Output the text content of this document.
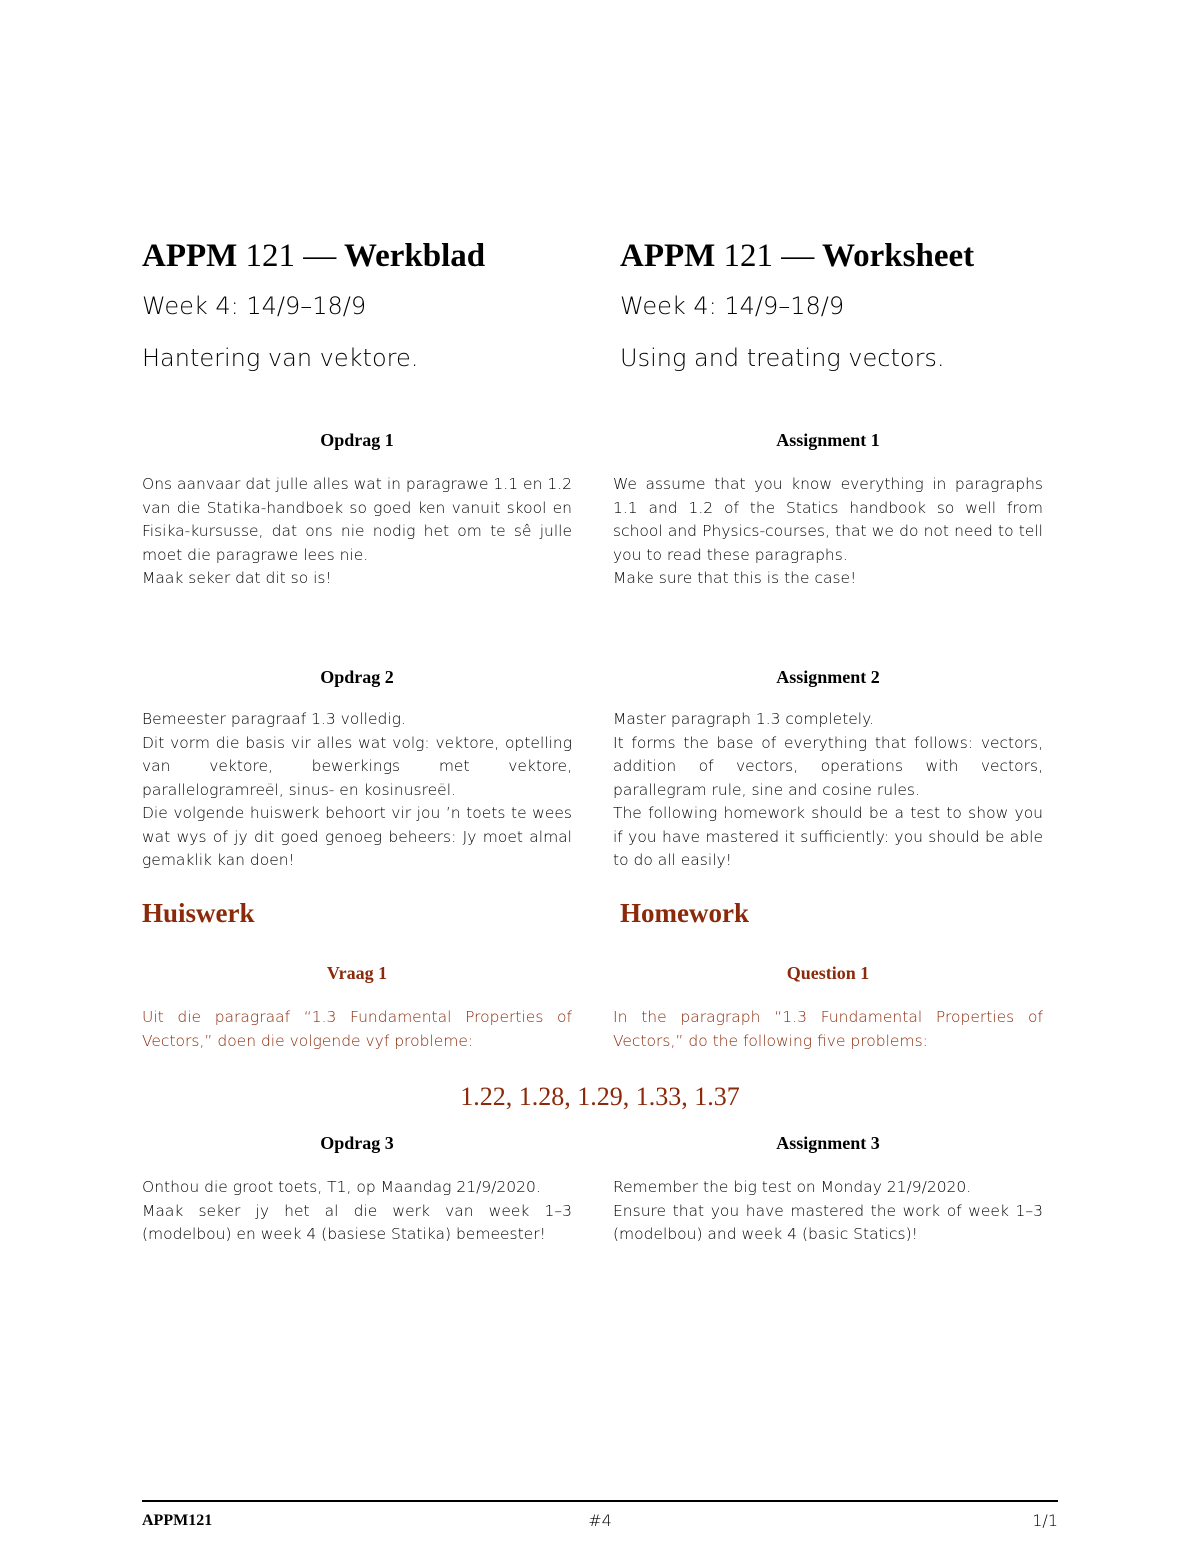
APPM 121 — Werkblad
Week 4: 14/9–18/9
Hantering van vektore.
Opdrag 1
Ons aanvaar dat julle alles wat in paragrawe 1.1 en 1.2 van die Statika-handboek so goed ken vanuit skool en Fisika-kursusse, dat ons nie nodig het om te sê julle moet die paragrawe lees nie.
Maak seker dat dit so is!
Opdrag 2
Bemeester paragraaf 1.3 volledig.
Dit vorm die basis vir alles wat volg: vektore, optelling van vektore, bewerkings met vektore, parallelogramreël, sinus- en kosinusreël.
Die volgende huiswerk behoort vir jou ’n toets te wees wat wys of jy dit goed genoeg beheers: Jy moet almal gemaklik kan doen!
Huiswerk
Vraag 1
Uit die paragraaf “1.3 Fundamental Properties of Vectors,” doen die volgende vyf probleme:
Opdrag 3
Onthou die groot toets, T1, op Maandag 21/9/2020.
Maak seker jy het al die werk van week 1–3 (modelbou) en week 4 (basiese Statika) bemeester!
APPM 121 — Worksheet
Week 4: 14/9–18/9
Using and treating vectors.
Assignment 1
We assume that you know everything in paragraphs 1.1 and 1.2 of the Statics handbook so well from school and Physics-courses, that we do not need to tell you to read these paragraphs.
Make sure that this is the case!
Assignment 2
Master paragraph 1.3 completely.
It forms the base of everything that follows: vectors, addition of vectors, operations with vectors, parallegram rule, sine and cosine rules.
The following homework should be a test to show you if you have mastered it sufficiently: you should be able to do all easily!
Homework
Question 1
In the paragraph “1.3 Fundamental Properties of Vectors,” do the following five problems:
Assignment 3
Remember the big test on Monday 21/9/2020.
Ensure that you have mastered the work of week 1–3 (modelbou) and week 4 (basic Statics)!
1.22, 1.28, 1.29, 1.33, 1.37
APPM121	#4	1/1
